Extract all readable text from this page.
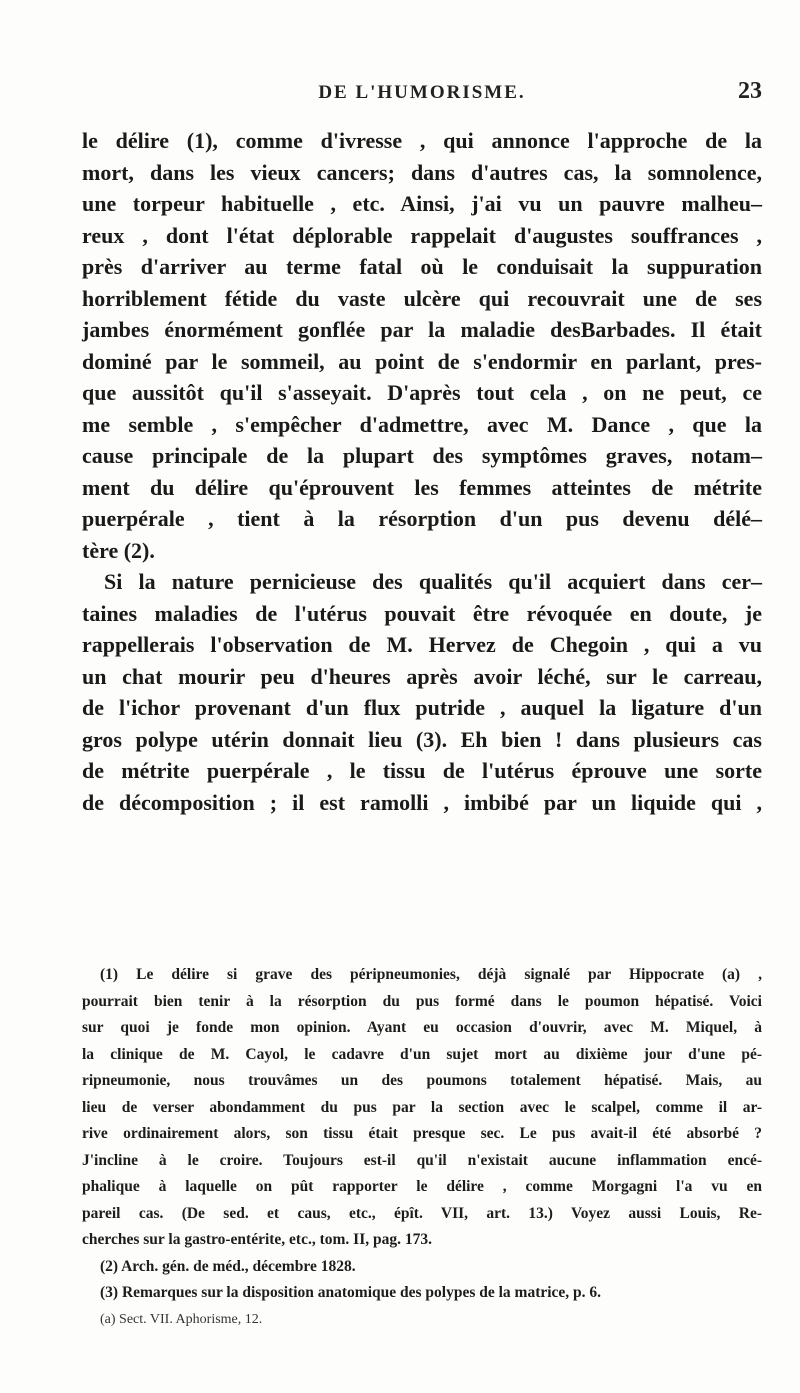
DE L'HUMORISME.	23
le délire (1), comme d'ivresse , qui annonce l'approche de la
mort, dans les vieux cancers; dans d'autres cas, la somnolence,
une torpeur habituelle , etc. Ainsi, j'ai vu un pauvre malheu–
reux , dont l'état déplorable rappelait d'augustes souffrances ,
près d'arriver au terme fatal où le conduisait la suppuration
horriblement fétide du vaste ulcère qui recouvrait une de ses
jambes énormément gonflée par la maladie desBarbades. Il était
dominé par le sommeil, au point de s'endormir en parlant, pres-
que aussitôt qu'il s'asseyait. D'après tout cela , on ne peut, ce
me semble , s'empêcher d'admettre, avec M. Dance , que la
cause principale de la plupart des symptômes graves, notam–
ment du délire qu'éprouvent les femmes atteintes de métrite
puerpérale , tient à la résorption d'un pus devenu délé–
tère (2).
Si la nature pernicieuse des qualités qu'il acquiert dans cer–
taines maladies de l'utérus pouvait être révoquée en doute, je
rappellerais l'observation de M. Hervez de Chegoin , qui a vu
un chat mourir peu d'heures après avoir léché, sur le carreau,
de l'ichor provenant d'un flux putride , auquel la ligature d'un
gros polype utérin donnait lieu (3). Eh bien ! dans plusieurs cas
de métrite puerpérale , le tissu de l'utérus éprouve une sorte
de décomposition ; il est ramolli , imbibé par un liquide qui ,
(1) Le délire si grave des péripneumonies, déjà signalé par Hippocrate (a) ,
pourrait bien tenir à la résorption du pus formé dans le poumon hépatisé. Voici
sur quoi je fonde mon opinion. Ayant eu occasion d'ouvrir, avec M. Miquel, à
la clinique de M. Cayol, le cadavre d'un sujet mort au dixième jour d'une pé-
ripneumonie, nous trouvâmes un des poumons totalement hépatisé. Mais, au
lieu de verser abondamment du pus par la section avec le scalpel, comme il ar-
rive ordinairement alors, son tissu était presque sec. Le pus avait-il été absorbé ?
J'incline à le croire. Toujours est-il qu'il n'existait aucune inflammation encé-
phalique à laquelle on pût rapporter le délire , comme Morgagni l'a vu en
pareil cas. (De sed. et caus, etc., épît. VII, art. 13.) Voyez aussi Louis, Re-
cherches sur la gastro-entérite, etc., tom. II, pag. 173.
(2) Arch. gén. de méd., décembre 1828.
(3) Remarques sur la disposition anatomique des polypes de la matrice, p. 6.
(a) Sect. VII. Aphorisme, 12.
